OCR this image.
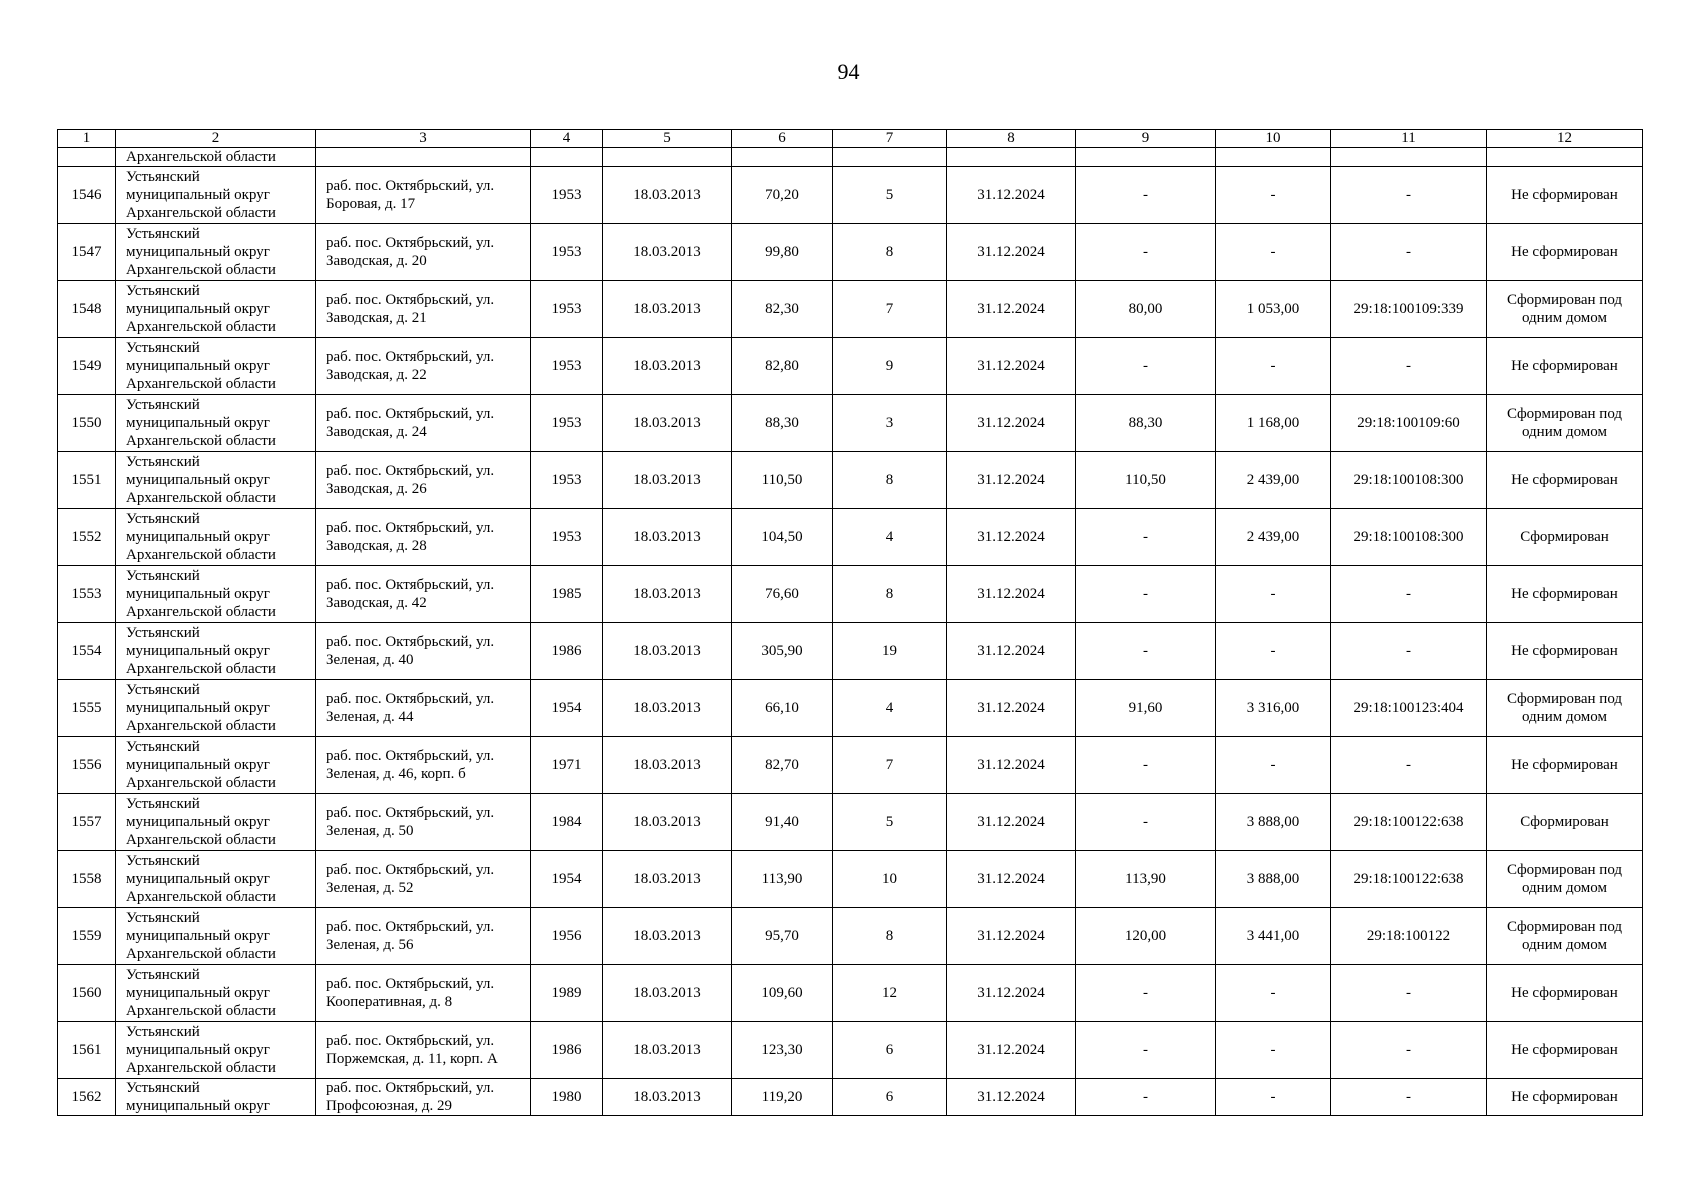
94
1	2	3	4	5	6	7	8	9	10	11	12
	Архангельской области										
1546	Устьянский
муниципальный округ
Архангельской области	раб. пос. Октябрьский, ул.
Боровая, д. 17	1953	18.03.2013	70,20	5	31.12.2024	-	-	-	Не сформирован

1547	Устьянский
муниципальный округ
Архангельской области	раб. пос. Октябрьский, ул.
Заводская, д. 20	1953	18.03.2013	99,80	8	31.12.2024	-	-	-	Не сформирован

1548	Устьянский
муниципальный округ
Архангельской области	раб. пос. Октябрьский, ул.
Заводская, д. 21	1953	18.03.2013	82,30	7	31.12.2024	80,00	1 053,00	29:18:100109:339	Сформирован под
одним домом

1549	Устьянский
муниципальный округ
Архангельской области	раб. пос. Октябрьский, ул.
Заводская, д. 22	1953	18.03.2013	82,80	9	31.12.2024	-	-	-	Не сформирован

1550	Устьянский
муниципальный округ
Архангельской области	раб. пос. Октябрьский, ул.
Заводская, д. 24	1953	18.03.2013	88,30	3	31.12.2024	88,30	1 168,00	29:18:100109:60	Сформирован под
одним домом

1551	Устьянский
муниципальный округ
Архангельской области	раб. пос. Октябрьский, ул.
Заводская, д. 26	1953	18.03.2013	110,50	8	31.12.2024	110,50	2 439,00	29:18:100108:300	Не сформирован

1552	Устьянский
муниципальный округ
Архангельской области	раб. пос. Октябрьский, ул.
Заводская, д. 28	1953	18.03.2013	104,50	4	31.12.2024	-	2 439,00	29:18:100108:300	Сформирован

1553	Устьянский
муниципальный округ
Архангельской области	раб. пос. Октябрьский, ул.
Заводская, д. 42	1985	18.03.2013	76,60	8	31.12.2024	-	-	-	Не сформирован

1554	Устьянский
муниципальный округ
Архангельской области	раб. пос. Октябрьский, ул.
Зеленая, д. 40	1986	18.03.2013	305,90	19	31.12.2024	-	-	-	Не сформирован

1555	Устьянский
муниципальный округ
Архангельской области	раб. пос. Октябрьский, ул.
Зеленая, д. 44	1954	18.03.2013	66,10	4	31.12.2024	91,60	3 316,00	29:18:100123:404	Сформирован под
одним домом

1556	Устьянский
муниципальный округ
Архангельской области	раб. пос. Октябрьский, ул.
Зеленая, д. 46, корп. б	1971	18.03.2013	82,70	7	31.12.2024	-	-	-	Не сформирован

1557	Устьянский
муниципальный округ
Архангельской области	раб. пос. Октябрьский, ул.
Зеленая, д. 50	1984	18.03.2013	91,40	5	31.12.2024	-	3 888,00	29:18:100122:638	Сформирован

1558	Устьянский
муниципальный округ
Архангельской области	раб. пос. Октябрьский, ул.
Зеленая, д. 52	1954	18.03.2013	113,90	10	31.12.2024	113,90	3 888,00	29:18:100122:638	Сформирован под
одним домом

1559	Устьянский
муниципальный округ
Архангельской области	раб. пос. Октябрьский, ул.
Зеленая, д. 56	1956	18.03.2013	95,70	8	31.12.2024	120,00	3 441,00	29:18:100122	Сформирован под
одним домом

1560	Устьянский
муниципальный округ
Архангельской области	раб. пос. Октябрьский, ул.
Кооперативная, д. 8	1989	18.03.2013	109,60	12	31.12.2024	-	-	-	Не сформирован

1561	Устьянский
муниципальный округ
Архангельской области	раб. пос. Октябрьский, ул.
Поржемская, д. 11, корп. А	1986	18.03.2013	123,30	6	31.12.2024	-	-	-	Не сформирован

1562	Устьянский
муниципальный округ	раб. пос. Октябрьский, ул.
Профсоюзная, д. 29	1980	18.03.2013	119,20	6	31.12.2024	-	-	-	Не сформирован
